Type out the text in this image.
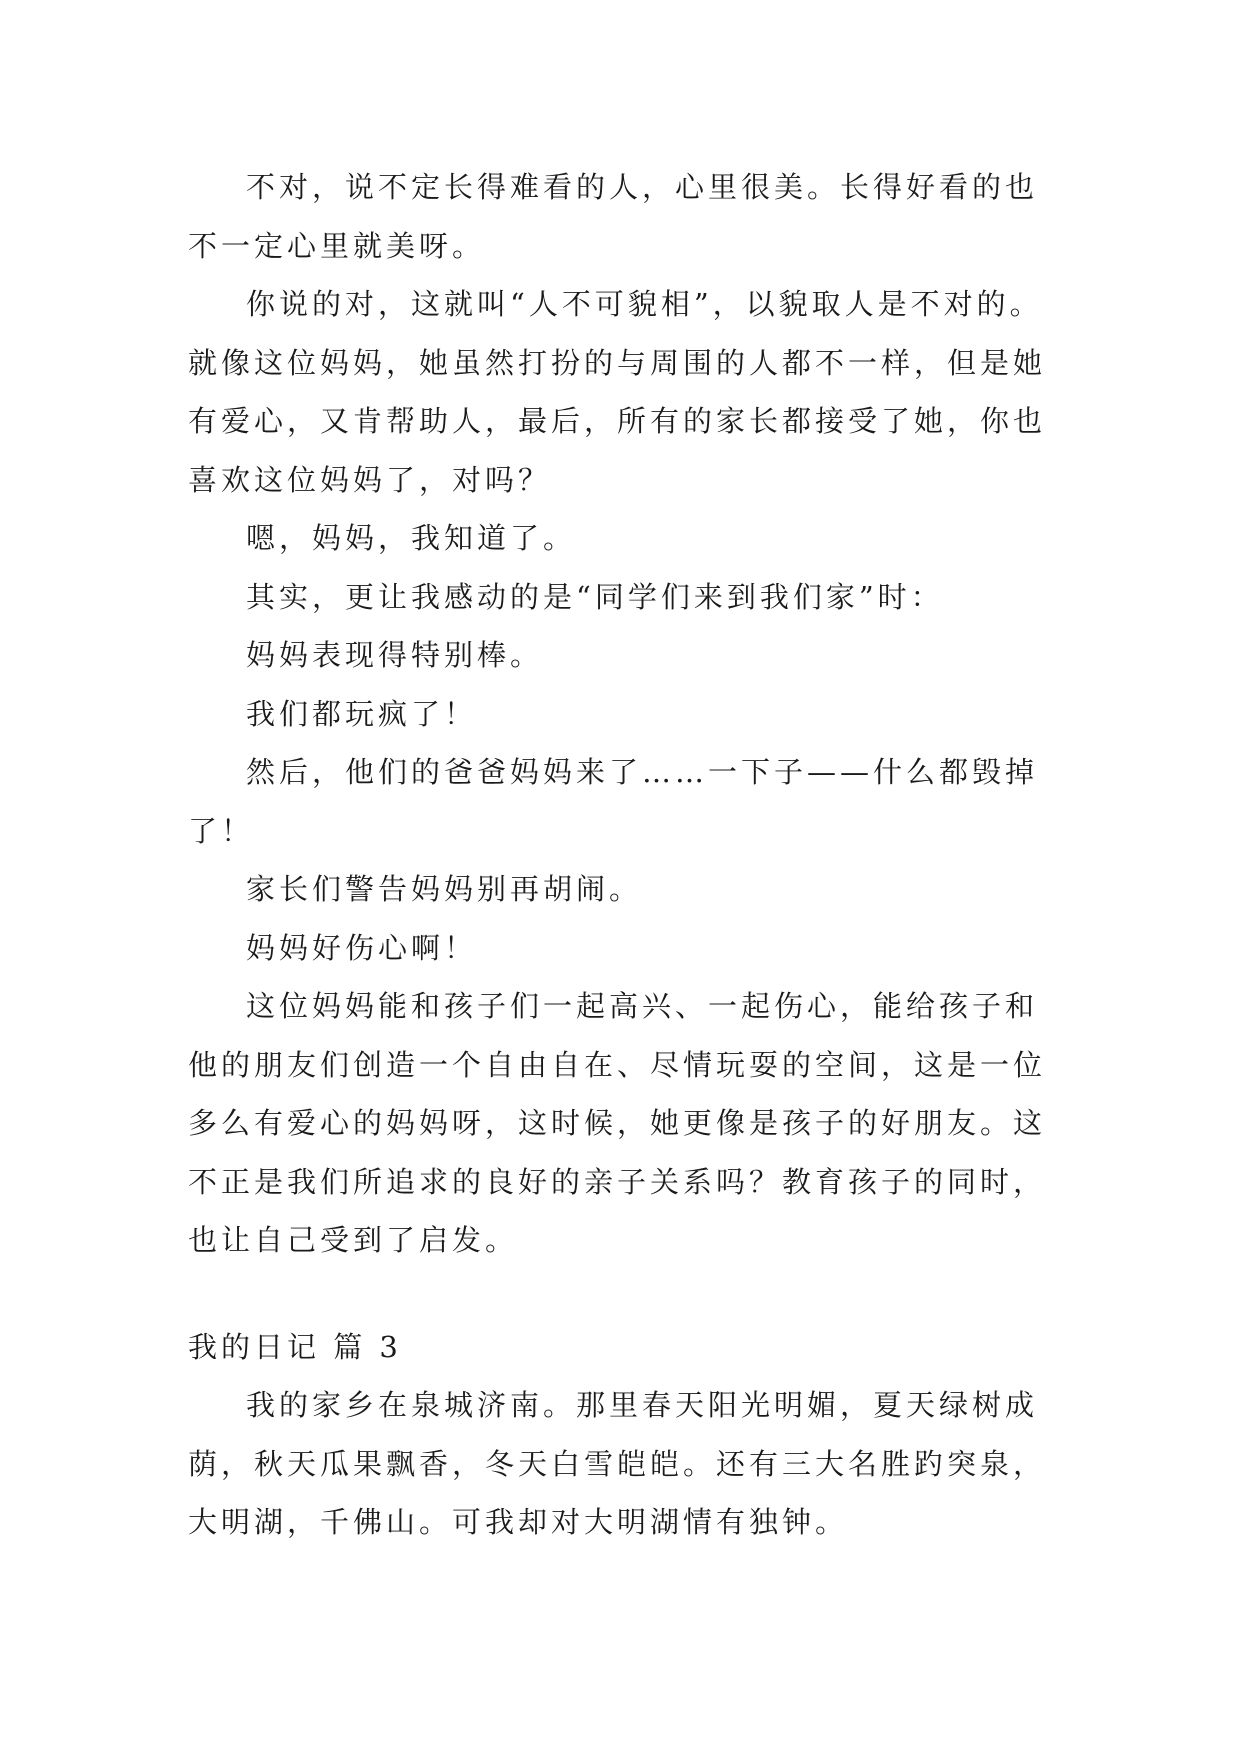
不对，说不定长得难看的人，心里很美。长得好看的也不一定心里就美呀。

你说的对，这就叫“人不可貌相”，以貌取人是不对的。就像这位妈妈，她虽然打扮的与周围的人都不一样，但是她有爱心，又肯帮助人，最后，所有的家长都接受了她，你也喜欢这位妈妈了，对吗？

嗯，妈妈，我知道了。

其实，更让我感动的是“同学们来到我们家”时：

妈妈表现得特别棒。

我们都玩疯了！

然后，他们的爸爸妈妈来了……一下子——什么都毁掉了！

家长们警告妈妈别再胡闹。

妈妈好伤心啊！

这位妈妈能和孩子们一起高兴、一起伤心，能给孩子和他的朋友们创造一个自由自在、尽情玩耍的空间，这是一位多么有爱心的妈妈呀，这时候，她更像是孩子的好朋友。这不正是我们所追求的良好的亲子关系吗？教育孩子的同时，也让自己受到了启发。

我的日记 篇 3

我的家乡在泉城济南。那里春天阳光明媚，夏天绿树成荫，秋天瓜果飘香，冬天白雪皑皑。还有三大名胜趵突泉，大明湖，千佛山。可我却对大明湖情有独钟。
